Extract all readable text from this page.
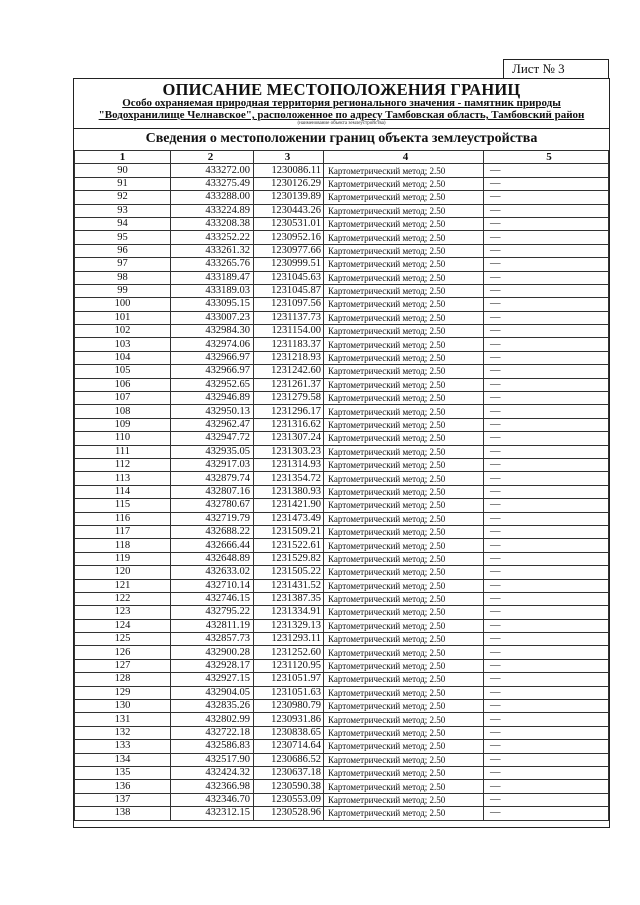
Лист № 3
ОПИСАНИЕ МЕСТОПОЛОЖЕНИЯ ГРАНИЦ
Особо охраняемая природная территория регионального значения - памятник природы
"Водохранилище Челнавское", расположенное по адресу Тамбовская область, Тамбовский район
(наименование объекта землеустройства)
Сведения о местоположении границ объекта землеустройства
1	2	3	4	5
90	433272.00	1230086.11	Картометрический метод; 2.50	—
91	433275.49	1230126.29	Картометрический метод; 2.50	—
92	433288.00	1230139.89	Картометрический метод; 2.50	—
93	433224.89	1230443.26	Картометрический метод; 2.50	—
94	433208.38	1230531.01	Картометрический метод; 2.50	—
95	433252.22	1230952.16	Картометрический метод; 2.50	—
96	433261.32	1230977.66	Картометрический метод; 2.50	—
97	433265.76	1230999.51	Картометрический метод; 2.50	—
98	433189.47	1231045.63	Картометрический метод; 2.50	—
99	433189.03	1231045.87	Картометрический метод; 2.50	—
100	433095.15	1231097.56	Картометрический метод; 2.50	—
101	433007.23	1231137.73	Картометрический метод; 2.50	—
102	432984.30	1231154.00	Картометрический метод; 2.50	—
103	432974.06	1231183.37	Картометрический метод; 2.50	—
104	432966.97	1231218.93	Картометрический метод; 2.50	—
105	432966.97	1231242.60	Картометрический метод; 2.50	—
106	432952.65	1231261.37	Картометрический метод; 2.50	—
107	432946.89	1231279.58	Картометрический метод; 2.50	—
108	432950.13	1231296.17	Картометрический метод; 2.50	—
109	432962.47	1231316.62	Картометрический метод; 2.50	—
110	432947.72	1231307.24	Картометрический метод; 2.50	—
111	432935.05	1231303.23	Картометрический метод; 2.50	—
112	432917.03	1231314.93	Картометрический метод; 2.50	—
113	432879.74	1231354.72	Картометрический метод; 2.50	—
114	432807.16	1231380.93	Картометрический метод; 2.50	—
115	432780.67	1231421.90	Картометрический метод; 2.50	—
116	432719.79	1231473.49	Картометрический метод; 2.50	—
117	432688.22	1231509.21	Картометрический метод; 2.50	—
118	432666.44	1231522.61	Картометрический метод; 2.50	—
119	432648.89	1231529.82	Картометрический метод; 2.50	—
120	432633.02	1231505.22	Картометрический метод; 2.50	—
121	432710.14	1231431.52	Картометрический метод; 2.50	—
122	432746.15	1231387.35	Картометрический метод; 2.50	—
123	432795.22	1231334.91	Картометрический метод; 2.50	—
124	432811.19	1231329.13	Картометрический метод; 2.50	—
125	432857.73	1231293.11	Картометрический метод; 2.50	—
126	432900.28	1231252.60	Картометрический метод; 2.50	—
127	432928.17	1231120.95	Картометрический метод; 2.50	—
128	432927.15	1231051.97	Картометрический метод; 2.50	—
129	432904.05	1231051.63	Картометрический метод; 2.50	—
130	432835.26	1230980.79	Картометрический метод; 2.50	—
131	432802.99	1230931.86	Картометрический метод; 2.50	—
132	432722.18	1230838.65	Картометрический метод; 2.50	—
133	432586.83	1230714.64	Картометрический метод; 2.50	—
134	432517.90	1230686.52	Картометрический метод; 2.50	—
135	432424.32	1230637.18	Картометрический метод; 2.50	—
136	432366.98	1230590.38	Картометрический метод; 2.50	—
137	432346.70	1230553.09	Картометрический метод; 2.50	—
138	432312.15	1230528.96	Картометрический метод; 2.50	—
